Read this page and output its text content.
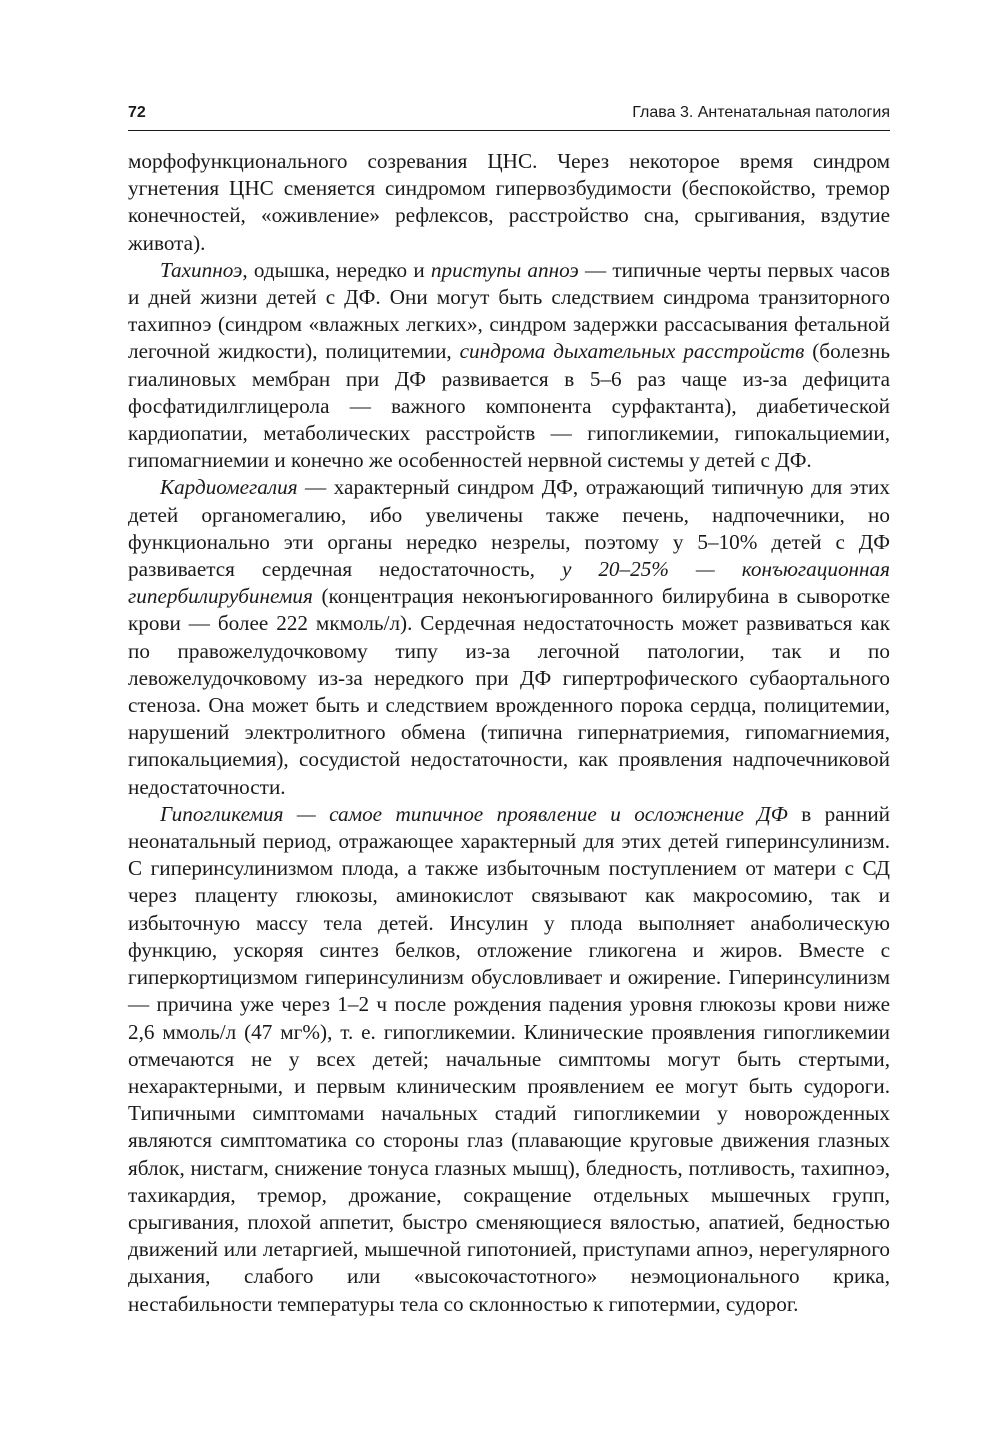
72	Глава 3. Антенатальная патология

морфофункционального созревания ЦНС. Через некоторое время синдром угнетения ЦНС сменяется синдромом гипервозбудимости (беспокойство, тремор конечностей, «оживление» рефлексов, расстройство сна, срыгивания, вздутие живота).

Тахипноэ, одышка, нередко и приступы апноэ — типичные черты первых часов и дней жизни детей с ДФ. Они могут быть следствием синдрома транзиторного тахипноэ (синдром «влажных легких», синдром задержки рассасывания фетальной легочной жидкости), полицитемии, синдрома дыхательных расстройств (болезнь гиалиновых мембран при ДФ развивается в 5–6 раз чаще из-за дефицита фосфатидилглицерола — важного компонента сурфактанта), диабетической кардиопатии, метаболических расстройств — гипогликемии, гипокальциемии, гипомагниемии и конечно же особенностей нервной системы у детей с ДФ.

Кардиомегалия — характерный синдром ДФ, отражающий типичную для этих детей органомегалию, ибо увеличены также печень, надпочечники, но функционально эти органы нередко незрелы, поэтому у 5–10% детей с ДФ развивается сердечная недостаточность, у 20–25% — конъюгационная гипербилирубинемия (концентрация неконъюгированного билирубина в сыворотке крови — более 222 мкмоль/л). Сердечная недостаточность может развиваться как по правожелудочковому типу из-за легочной патологии, так и по левожелудочковому из-за нередкого при ДФ гипертрофического субаортального стеноза. Она может быть и следствием врожденного порока сердца, полицитемии, нарушений электролитного обмена (типична гипернатриемия, гипомагниемия, гипокальциемия), сосудистой недостаточности, как проявления надпочечниковой недостаточности.

Гипогликемия — самое типичное проявление и осложнение ДФ в ранний неонатальный период, отражающее характерный для этих детей гиперинсулинизм. С гиперинсулинизмом плода, а также избыточным поступлением от матери с СД через плаценту глюкозы, аминокислот связывают как макросомию, так и избыточную массу тела детей. Инсулин у плода выполняет анаболическую функцию, ускоряя синтез белков, отложение гликогена и жиров. Вместе с гиперкортицизмом гиперинсулинизм обусловливает и ожирение. Гиперинсулинизм — причина уже через 1–2 ч после рождения падения уровня глюкозы крови ниже 2,6 ммоль/л (47 мг%), т. е. гипогликемии. Клинические проявления гипогликемии отмечаются не у всех детей; начальные симптомы могут быть стертыми, нехарактерными, и первым клиническим проявлением ее могут быть судороги. Типичными симптомами начальных стадий гипогликемии у новорожденных являются симптоматика со стороны глаз (плавающие круговые движения глазных яблок, нистагм, снижение тонуса глазных мышц), бледность, потливость, тахипноэ, тахикардия, тремор, дрожание, сокращение отдельных мышечных групп, срыгивания, плохой аппетит, быстро сменяющиеся вялостью, апатией, бедностью движений или летаргией, мышечной гипотонией, приступами апноэ, нерегулярного дыхания, слабого или «высокочастотного» неэмоционального крика, нестабильности температуры тела со склонностью к гипотермии, судорог.
